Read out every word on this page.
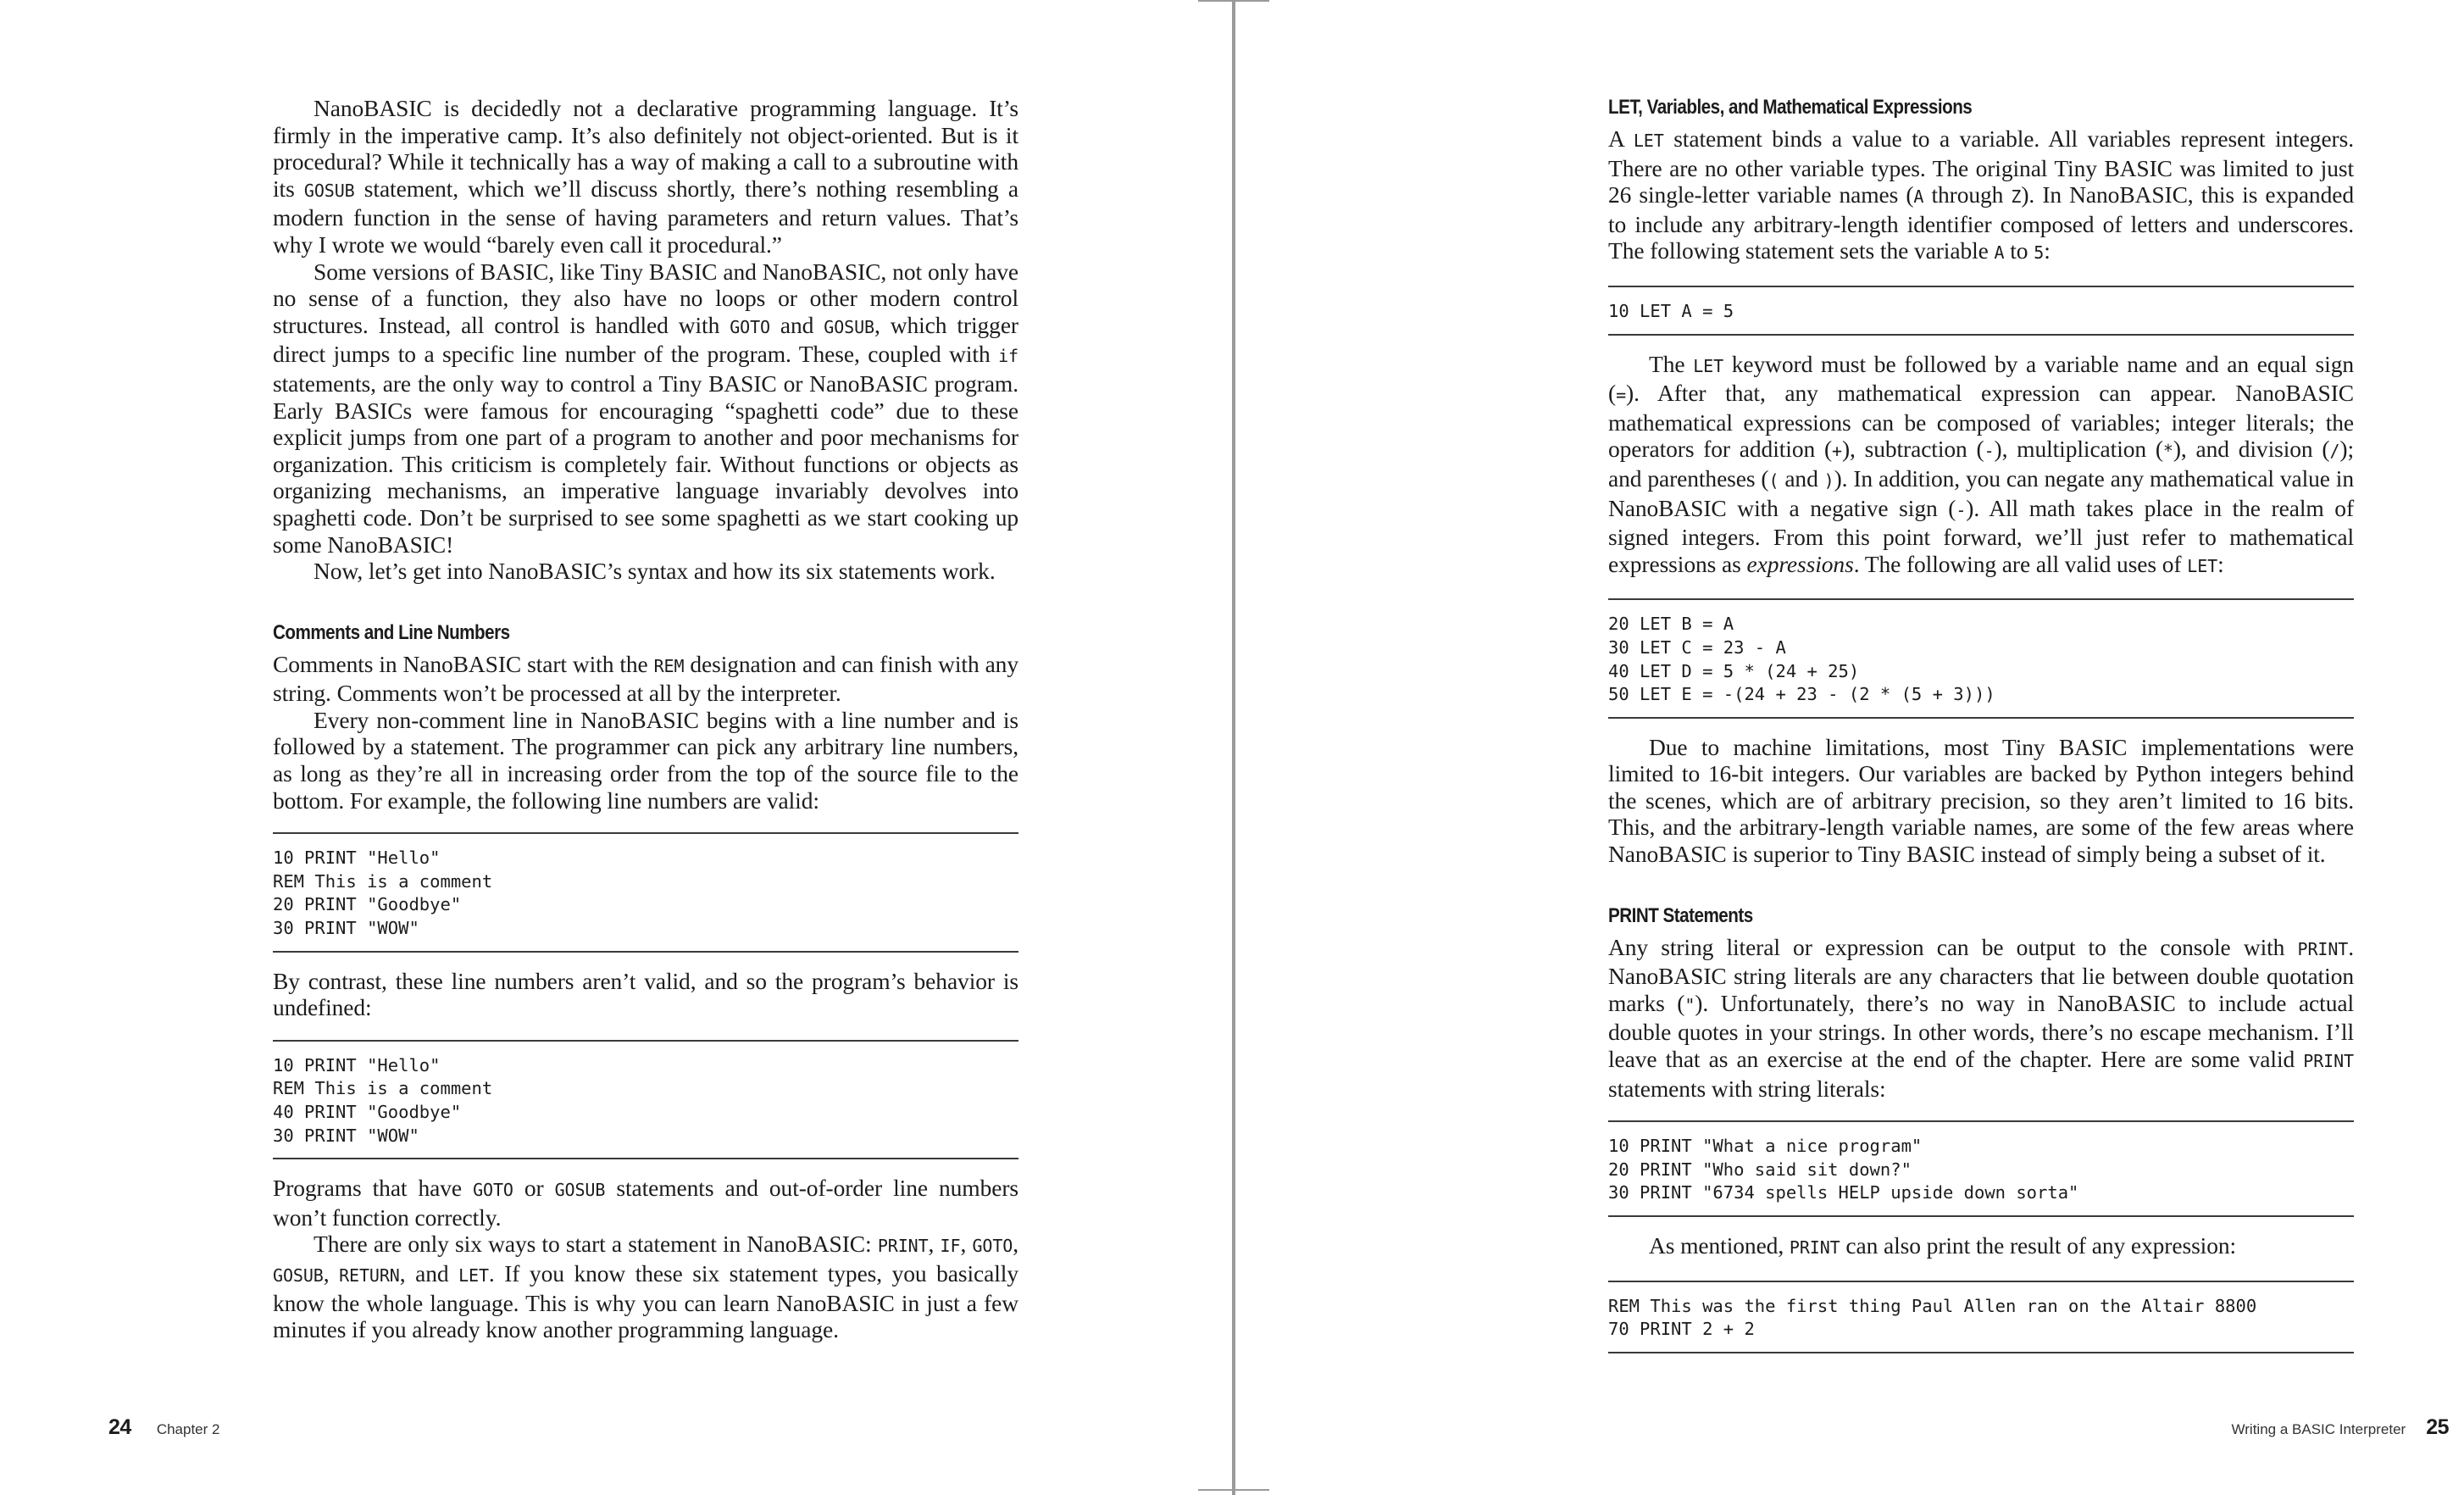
NanoBASIC is decidedly not a declarative programming language. It’s firmly in the imperative camp. It’s also definitely not object-oriented. But is it procedural? While it technically has a way of making a call to a subroutine with its GOSUB statement, which we’ll discuss shortly, there’s nothing resembling a modern function in the sense of having parameters and return values. That’s why I wrote we would “barely even call it procedural.”

Some versions of BASIC, like Tiny BASIC and NanoBASIC, not only have no sense of a function, they also have no loops or other modern control structures. Instead, all control is handled with GOTO and GOSUB, which trigger direct jumps to a specific line number of the program. These, coupled with if statements, are the only way to control a Tiny BASIC or NanoBASIC program. Early BASICs were famous for encouraging “spaghetti code” due to these explicit jumps from one part of a program to another and poor mechanisms for organization. This criticism is completely fair. Without functions or objects as organizing mechanisms, an imperative language invariably devolves into spaghetti code. Don’t be surprised to see some spaghetti as we start cooking up some NanoBASIC!

Now, let’s get into NanoBASIC’s syntax and how its six statements work.

Comments and Line Numbers

Comments in NanoBASIC start with the REM designation and can finish with any string. Comments won’t be processed at all by the interpreter.

Every non-comment line in NanoBASIC begins with a line number and is followed by a statement. The programmer can pick any arbitrary line numbers, as long as they’re all in increasing order from the top of the source file to the bottom. For example, the following line numbers are valid:

10 PRINT "Hello"
REM This is a comment
20 PRINT "Goodbye"
30 PRINT "WOW"

By contrast, these line numbers aren’t valid, and so the program’s behavior is undefined:

10 PRINT "Hello"
REM This is a comment
40 PRINT "Goodbye"
30 PRINT "WOW"

Programs that have GOTO or GOSUB statements and out-of-order line numbers won’t function correctly.

There are only six ways to start a statement in NanoBASIC: PRINT, IF, GOTO, GOSUB, RETURN, and LET. If you know these six statement types, you basically know the whole language. This is why you can learn NanoBASIC in just a few minutes if you already know another programming language.

24 Chapter 2
LET, Variables, and Mathematical Expressions

A LET statement binds a value to a variable. All variables represent integers. There are no other variable types. The original Tiny BASIC was limited to just 26 single-letter variable names (A through Z). In NanoBASIC, this is expanded to include any arbitrary-length identifier composed of letters and underscores. The following statement sets the variable A to 5:

10 LET A = 5

The LET keyword must be followed by a variable name and an equal sign (=). After that, any mathematical expression can appear. NanoBASIC mathematical expressions can be composed of variables; integer literals; the operators for addition (+), subtraction (-), multiplication (*), and division (/); and parentheses (( and )). In addition, you can negate any mathematical value in NanoBASIC with a negative sign (-). All math takes place in the realm of signed integers. From this point forward, we’ll just refer to mathematical expressions as expressions. The following are all valid uses of LET:

20 LET B = A
30 LET C = 23 - A
40 LET D = 5 * (24 + 25)
50 LET E = -(24 + 23 - (2 * (5 + 3)))

Due to machine limitations, most Tiny BASIC implementations were limited to 16-bit integers. Our variables are backed by Python integers behind the scenes, which are of arbitrary precision, so they aren’t limited to 16 bits. This, and the arbitrary-length variable names, are some of the few areas where NanoBASIC is superior to Tiny BASIC instead of simply being a subset of it.

PRINT Statements

Any string literal or expression can be output to the console with PRINT. NanoBASIC string literals are any characters that lie between double quotation marks ("). Unfortunately, there’s no way in NanoBASIC to include actual double quotes in your strings. In other words, there’s no escape mechanism. I’ll leave that as an exercise at the end of the chapter. Here are some valid PRINT statements with string literals:

10 PRINT "What a nice program"
20 PRINT "Who said sit down?"
30 PRINT "6734 spells HELP upside down sorta"

As mentioned, PRINT can also print the result of any expression:

REM This was the first thing Paul Allen ran on the Altair 8800
70 PRINT 2 + 2
Writing a BASIC Interpreter 25
